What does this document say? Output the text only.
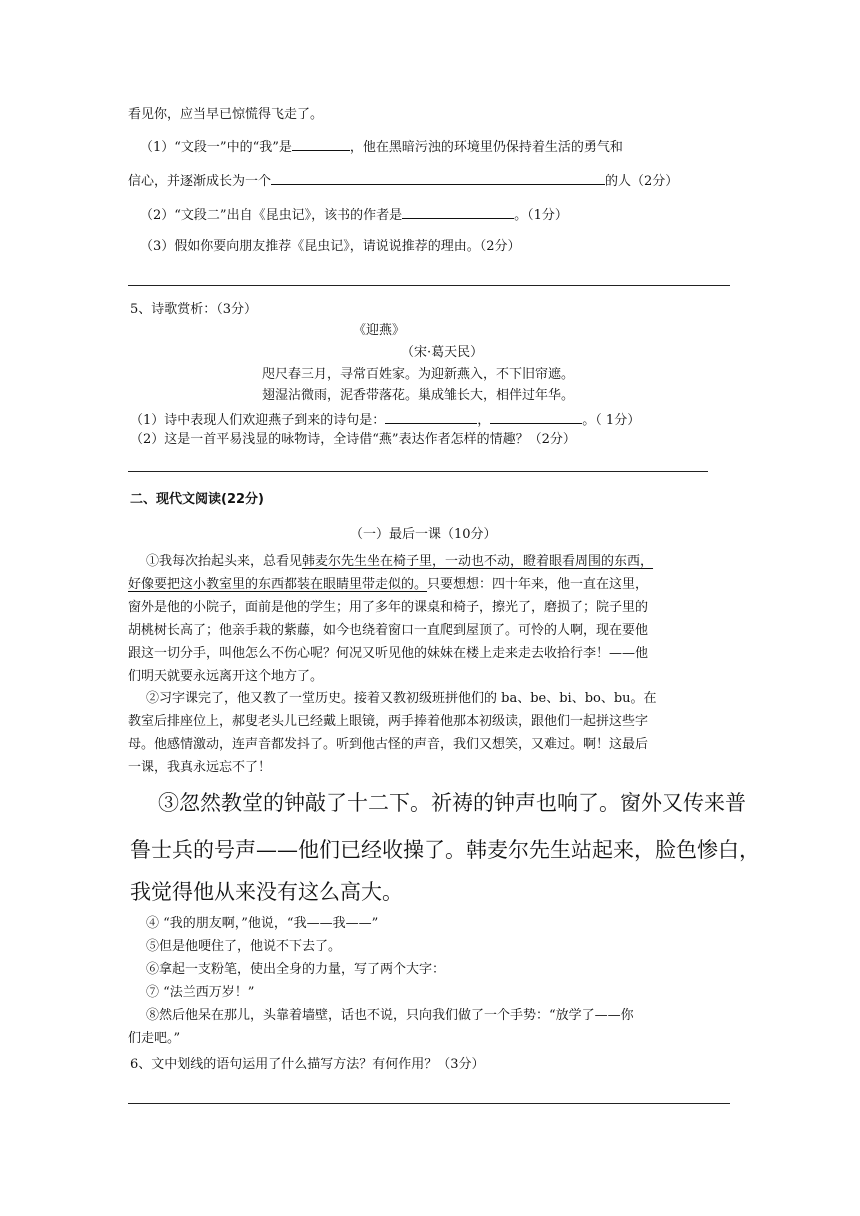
看见你，应当早已惊慌得飞走了。
（1）“文段一”中的“我”是	，他在黑暗污浊的环境里仍保持着生活的勇气和
信心，并逐渐成长为一个	的人（2分）
（2）“文段二”出自《昆虫记》，该书的作者是	。（1分）
（3）假如你要向朋友推荐《昆虫记》，请说说推荐的理由。（2分）
5、诗歌赏析：（3分）
《迎燕》
（宋·葛天民）
咫尺春三月，寻常百姓家。为迎新燕入，不下旧帘遮。
翅湿沾微雨，泥香带落花。巢成雏长大，相伴过年华。
（1）诗中表现人们欢迎燕子到来的诗句是：	，	。（ 1分）
（2）这是一首平易浅显的咏物诗，全诗借“燕”表达作者怎样的情趣？（2分）
二、现代文阅读(22分)
（一）最后一课（10分）
①我每次抬起头来，总看见韩麦尔先生坐在椅子里，一动也不动，瞪着眼看周围的东西，
好像要把这小教室里的东西都装在眼睛里带走似的。只要想想：四十年来，他一直在这里，
窗外是他的小院子，面前是他的学生；用了多年的课桌和椅子，擦光了，磨损了；院子里的
胡桃树长高了；他亲手栽的紫藤，如今也绕着窗口一直爬到屋顶了。可怜的人啊，现在要他
跟这一切分手，叫他怎么不伤心呢？何况又听见他的妹妹在楼上走来走去收拾行李！——他
们明天就要永远离开这个地方了。
②习字课完了，他又教了一堂历史。接着又教初级班拼他们的 ba、be、bi、bo、bu。在
教室后排座位上，郝叟老头儿已经戴上眼镜，两手捧着他那本初级读，跟他们一起拼这些字
母。他感情激动，连声音都发抖了。听到他古怪的声音，我们又想笑，又难过。啊！这最后
一课，我真永远忘不了！
③忽然教堂的钟敲了十二下。祈祷的钟声也响了。窗外又传来普
鲁士兵的号声——他们已经收操了。韩麦尔先生站起来，脸色惨白，
我觉得他从来没有这么高大。
④ “我的朋友啊，”他说，“我——我——”
⑤但是他哽住了，他说不下去了。
⑥拿起一支粉笔，使出全身的力量，写了两个大字：
⑦ “法兰西万岁！”
⑧然后他呆在那儿，头靠着墙壁，话也不说，只向我们做了一个手势：“放学了——你
们走吧。”
6、文中划线的语句运用了什么描写方法？有何作用？（3分）
